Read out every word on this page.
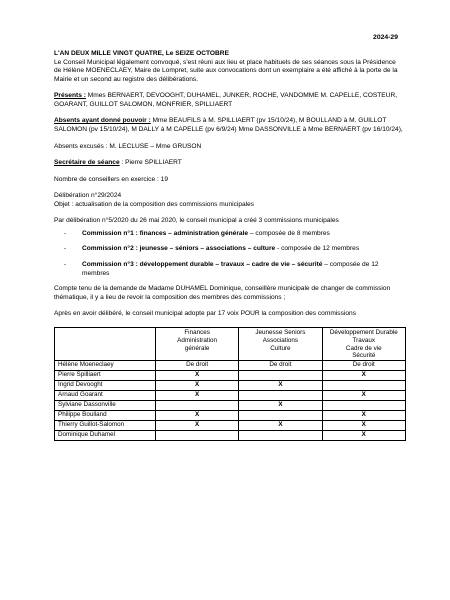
2024-29

L'AN DEUX MILLE VINGT QUATRE, Le SEIZE OCTOBRE

Le Conseil Municipal légalement convoqué, s'est réuni aux lieu et place habituels de ses séances sous la Présidence de Hélène MOENECLAEY, Maire de Lompret, suite aux convocations dont un exemplaire a été affiché à la porte de la Mairie et un second au registre des délibérations.

Présents : Mmes BERNAERT, DEVOOGHT, DUHAMEL, JUNKER, ROCHE, VANDOMME M. CAPELLE, COSTEUR, GOARANT, GUILLOT SALOMON, MONFRIER, SPILLIAERT

Absents ayant donné pouvoir : Mme BEAUFILS à M. SPILLIAERT (pv 15/10/24), M BOULLAND à M. GUILLOT SALOMON (pv 15/10/24), M DALLY à M CAPELLE (pv 6/9/24) Mme DASSONVILLE à Mme BERNAERT (pv 16/10/24),

Absents excusés : M. LECLUSE – Mme GRUSON

Secrétaire de séance : Pierre SPILLIAERT

Nombre de conseillers en exercice : 19

Délibération n°29/2024

Objet : actualisation de la composition des commissions municipales

Par délibération n°5/2020 du 26 mai 2020, le conseil municipal a créé 3 commissions municipales

- Commission n°1 : finances – administration générale – composée de 8 membres
- Commission n°2 : jeunesse – séniors – associations – culture - composée de 12 membres
- Commission n°3 : développement durable – travaux – cadre de vie – sécurité – composée de 12 membres

Compte tenu de la demande de Madame DUHAMEL Dominique, conseillère municipale de changer de commission thématique, il y a lieu de revoir la composition des membres des commissions ;

Après en avoir délibéré, le conseil municipal adopte par 17 voix POUR la composition des commissions

	Finances
Administration
générale	Jeunesse Seniors
Associations
Culture	Développement Durable
Travaux
Cadre de vie
Sécurité
Hélène Moeneclaey	De droit	De droit	De droit
Pierre Spilliaert	X		X
Ingrid Devooght	X	X	
Arnaud Goarant	X		X
Sylviane Dassonville		X	
Philippe Boulland	X		X
Thierry Guillot-Salomon	X	X	X
Dominique Duhamel			X
